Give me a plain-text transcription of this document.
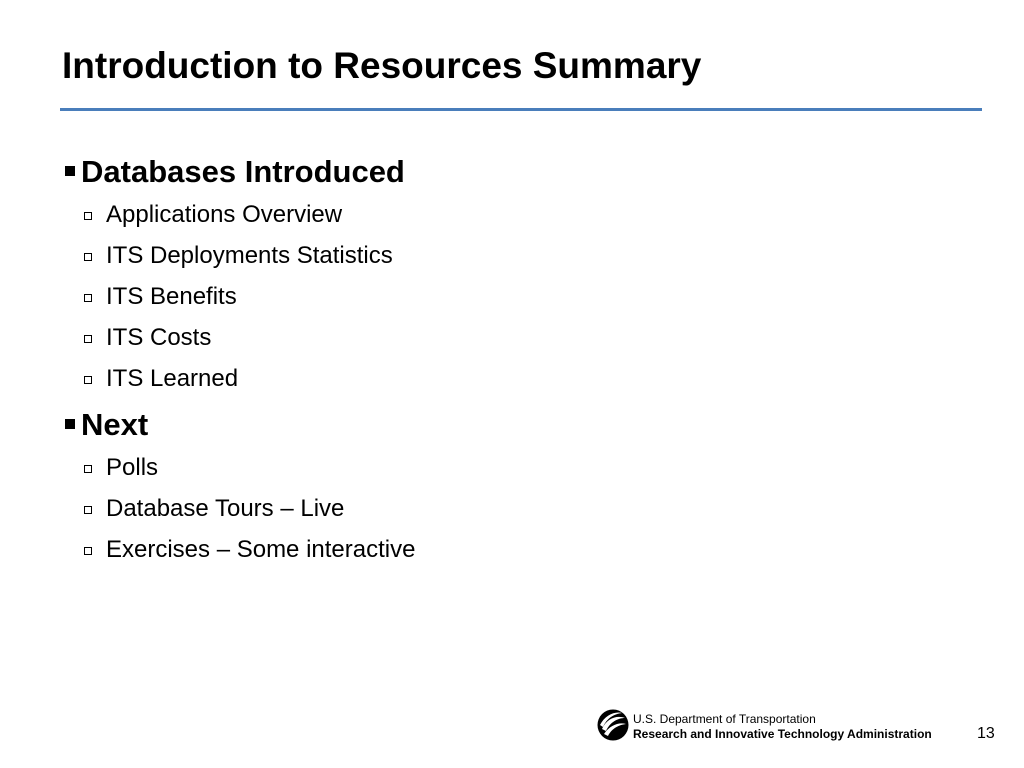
Introduction to Resources Summary
Databases Introduced
Applications Overview
ITS Deployments Statistics
ITS Benefits
ITS Costs
ITS Learned
Next
Polls
Database Tours – Live
Exercises – Some interactive
U.S. Department of Transportation
Research and Innovative Technology Administration	13
